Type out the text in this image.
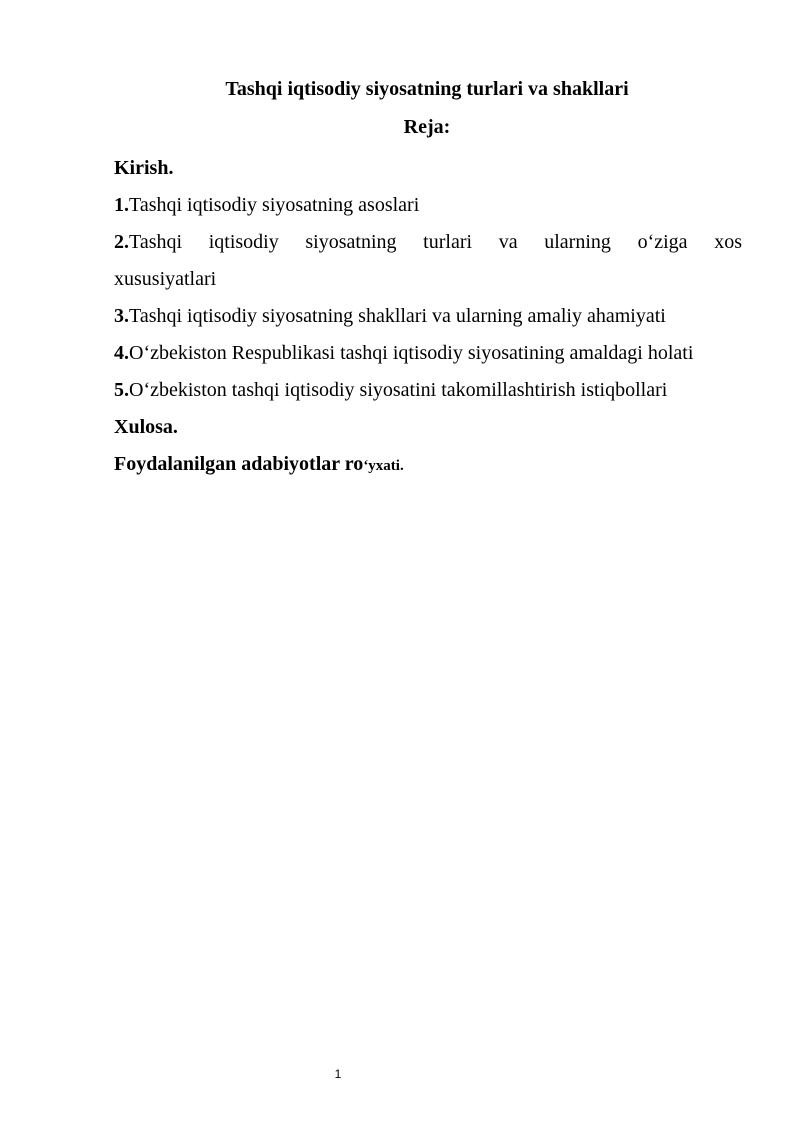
Tashqi iqtisodiy siyosatning turlari va shakllari
Reja:

Kirish.

1.Tashqi iqtisodiy siyosatning asoslari

2.Tashqi iqtisodiy siyosatning turlari va ularning o‘ziga xos
xususiyatlari

3.Tashqi iqtisodiy siyosatning shakllari va ularning amaliy ahamiyati

4.O‘zbekiston Respublikasi tashqi iqtisodiy siyosatining amaldagi holati

5.O‘zbekiston tashqi iqtisodiy siyosatini takomillashtirish istiqbollari

Xulosa.

Foydalanilgan adabiyotlar ro‘yxati.

1
